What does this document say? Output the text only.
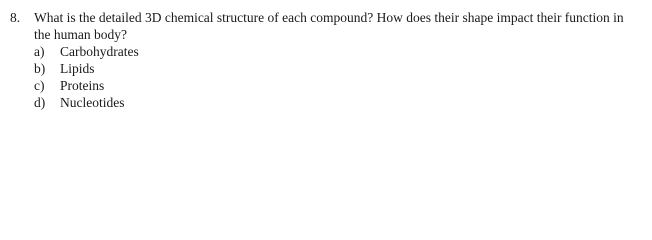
8. What is the detailed 3D chemical structure of each compound? How does their shape impact their function in the human body?
a)	Carbohydrates
b)	Lipids
c)	Proteins
d)	Nucleotides
